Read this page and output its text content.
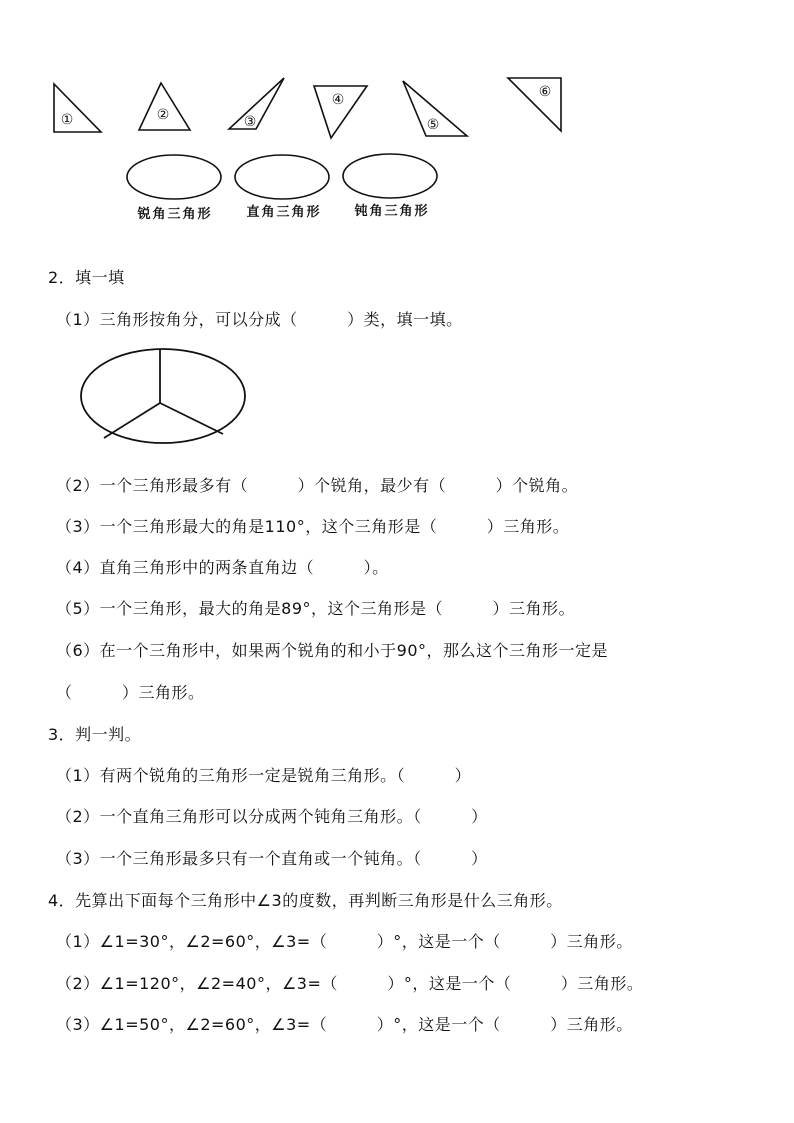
①	②	③
④
⑤
⑥
锐角三角形	直角三角形	钝角三角形
2．填一填
（1）三角形按角分，可以分成（　　　）类，填一填。
（2）一个三角形最多有（　　　）个锐角，最少有（　　　）个锐角。
（3）一个三角形最大的角是110°，这个三角形是（　　　）三角形。
（4）直角三角形中的两条直角边（　　　）。
（5）一个三角形，最大的角是89°，这个三角形是（　　　）三角形。
（6）在一个三角形中，如果两个锐角的和小于90°，那么这个三角形一定是
（　　　）三角形。
3．判一判。
（1）有两个锐角的三角形一定是锐角三角形。（　　　）
（2）一个直角三角形可以分成两个钝角三角形。（　　　）
（3）一个三角形最多只有一个直角或一个钝角。（　　　）
4．先算出下面每个三角形中∠3的度数，再判断三角形是什么三角形。
（1）∠1=30°，∠2=60°，∠3=（　　　）°，这是一个（　　　）三角形。
（2）∠1=120°，∠2=40°，∠3=（　　　）°，这是一个（　　　）三角形。
（3）∠1=50°，∠2=60°，∠3=（　　　）°，这是一个（　　　）三角形。
